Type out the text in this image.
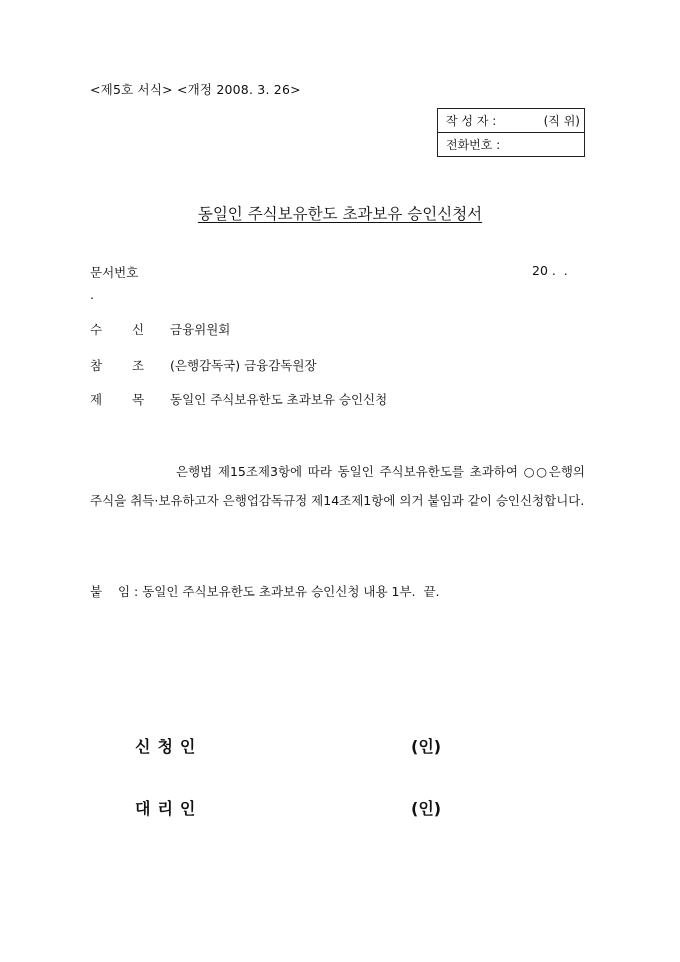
<제5호 서식> <개정 2008. 3. 26>
작 성 자 :	(직 위)

전화번호 :
동일인 주식보유한도 초과보유 승인신청서
문서번호	20 .  .
.
수 신 금융위원회
참 조 (은행감독국) 금융감독원장
제 목 동일인 주식보유한도 초과보유 승인신청

은행법 제15조제3항에 따라 동일인 주식보유한도를 초과하여 ○○은행의 주식을 취득·보유하고자 은행업감독규정 제14조제1항에 의거 붙임과 같이 승인신청합니다.

붙    임 : 동일인 주식보유한도 초과보유 승인신청 내용 1부.  끝.
신청인	(인)
대리인	(인)
